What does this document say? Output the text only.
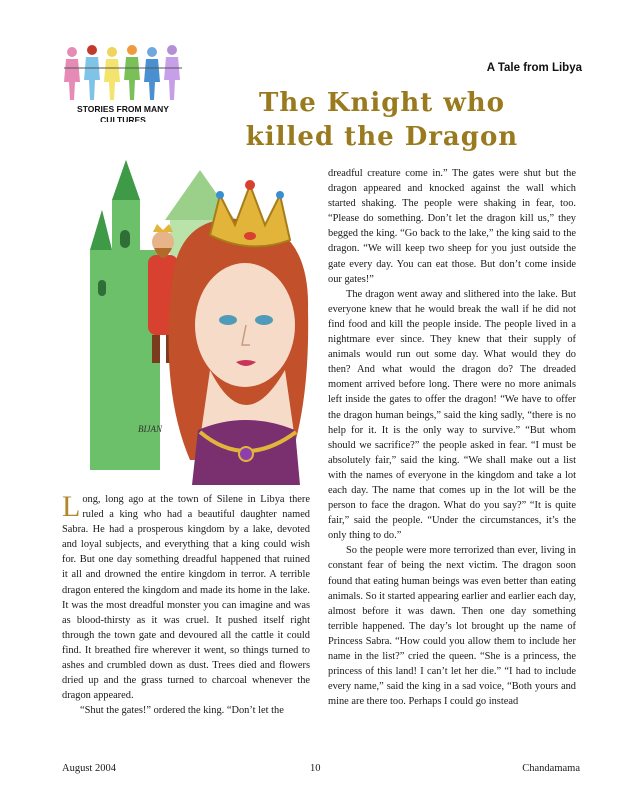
STORIES FROM MANY CULTURES
A Tale from Libya
The Knight who
killed the Dragon
BIJAN

Long, long ago at the town of Silene in Libya there ruled a king who had a beautiful daughter named Sabra. He had a prosperous kingdom by a lake, devoted and loyal subjects, and everything that a king could wish for. But one day something dreadful happened that ruined it all and drowned the entire kingdom in terror. A terrible dragon entered the kingdom and made its home in the lake. It was the most dreadful monster you can imagine and was as blood-thirsty as it was cruel. It pushed itself right through the town gate and devoured all the cattle it could find. It breathed fire wherever it went, so things turned to ashes and crumbled down as dust. Trees died and flowers dried up and the grass turned to charcoal whenever the dragon appeared.

“Shut the gates!” ordered the king. “Don’t let the

dreadful creature come in.” The gates were shut but the dragon appeared and knocked against the wall which started shaking. The people were shaking in fear, too. “Please do something. Don’t let the dragon kill us,” they begged the king. “Go back to the lake,” the king said to the dragon. “We will keep two sheep for you just outside the gate every day. You can eat those. But don’t come inside our gates!”

The dragon went away and slithered into the lake. But everyone knew that he would break the wall if he did not find food and kill the people inside. The people lived in a nightmare ever since. They knew that their supply of animals would run out some day. What would they do then? And what would the dragon do? The dreaded moment arrived before long. There were no more animals left inside the gates to offer the dragon! “We have to offer the dragon human beings,” said the king sadly, “there is no help for it. It is the only way to survive.” “But whom should we sacrifice?” the people asked in fear. “I must be absolutely fair,” said the king. “We shall make out a list with the names of everyone in the kingdom and take a lot each day. The name that comes up in the lot will be the person to face the dragon. What do you say?” “It is quite fair,” said the people. “Under the circumstances, it’s the only thing to do.”

So the people were more terrorized than ever, living in constant fear of being the next victim. The dragon soon found that eating human beings was even better than eating animals. So it started appearing earlier and earlier each day, almost before it was dawn. Then one day something terrible happened. The day’s lot brought up the name of Princess Sabra. “How could you allow them to include her name in the list?” cried the queen. “She is a princess, the princess of this land! I can’t let her die.” “I had to include every name,” said the king in a sad voice, “Both yours and mine are there too. Perhaps I could go instead

August 2004	10	Chandamama
